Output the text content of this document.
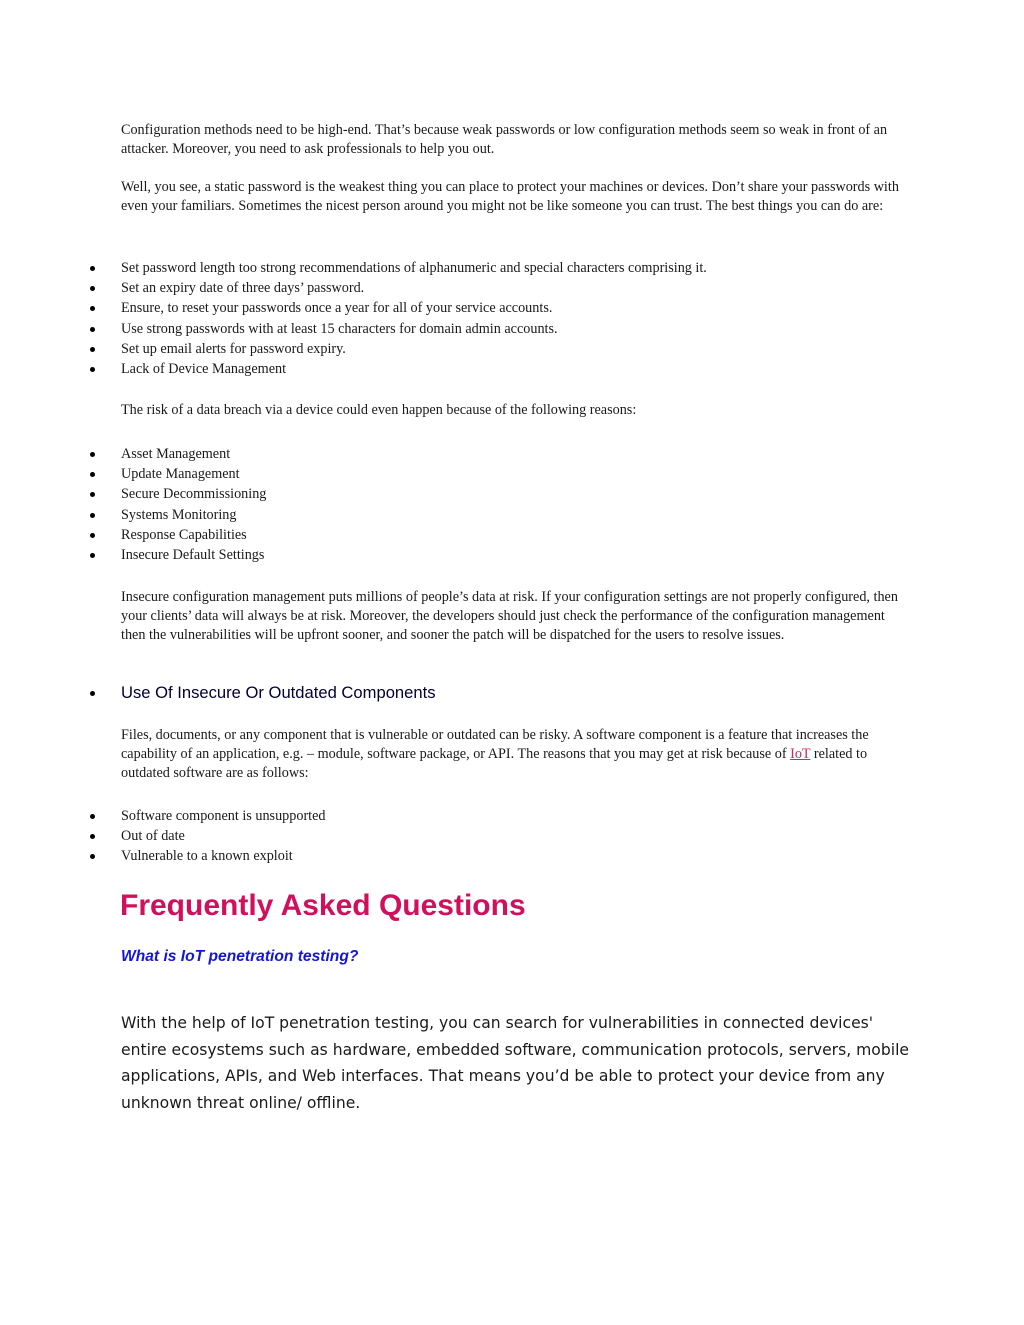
Configuration methods need to be high-end. That’s because weak passwords or low configuration methods seem so weak in front of an attacker. Moreover, you need to ask professionals to help you out.

Well, you see, a static password is the weakest thing you can place to protect your machines or devices. Don’t share your passwords with even your familiars. Sometimes the nicest person around you might not be like someone you can trust. The best things you can do are:

Set password length too strong recommendations of alphanumeric and special characters comprising it.
Set an expiry date of three days’ password.
Ensure, to reset your passwords once a year for all of your service accounts.
Use strong passwords with at least 15 characters for domain admin accounts.
Set up email alerts for password expiry.
Lack of Device Management

The risk of a data breach via a device could even happen because of the following reasons:

Asset Management
Update Management
Secure Decommissioning
Systems Monitoring
Response Capabilities
Insecure Default Settings

Insecure configuration management puts millions of people’s data at risk. If your configuration settings are not properly configured, then your clients’ data will always be at risk. Moreover, the developers should just check the performance of the configuration management then the vulnerabilities will be upfront sooner, and sooner the patch will be dispatched for the users to resolve issues.

Use Of Insecure Or Outdated Components

Files, documents, or any component that is vulnerable or outdated can be risky. A software component is a feature that increases the capability of an application, e.g. – module, software package, or API. The reasons that you may get at risk because of IoT related to outdated software are as follows:

Software component is unsupported
Out of date
Vulnerable to a known exploit
Frequently Asked Questions

What is IoT penetration testing?

With the help of IoT penetration testing, you can search for vulnerabilities in connected devices' entire ecosystems such as hardware, embedded software, communication protocols, servers, mobile applications, APIs, and Web interfaces. That means you’d be able to protect your device from any unknown threat online/ offline.
